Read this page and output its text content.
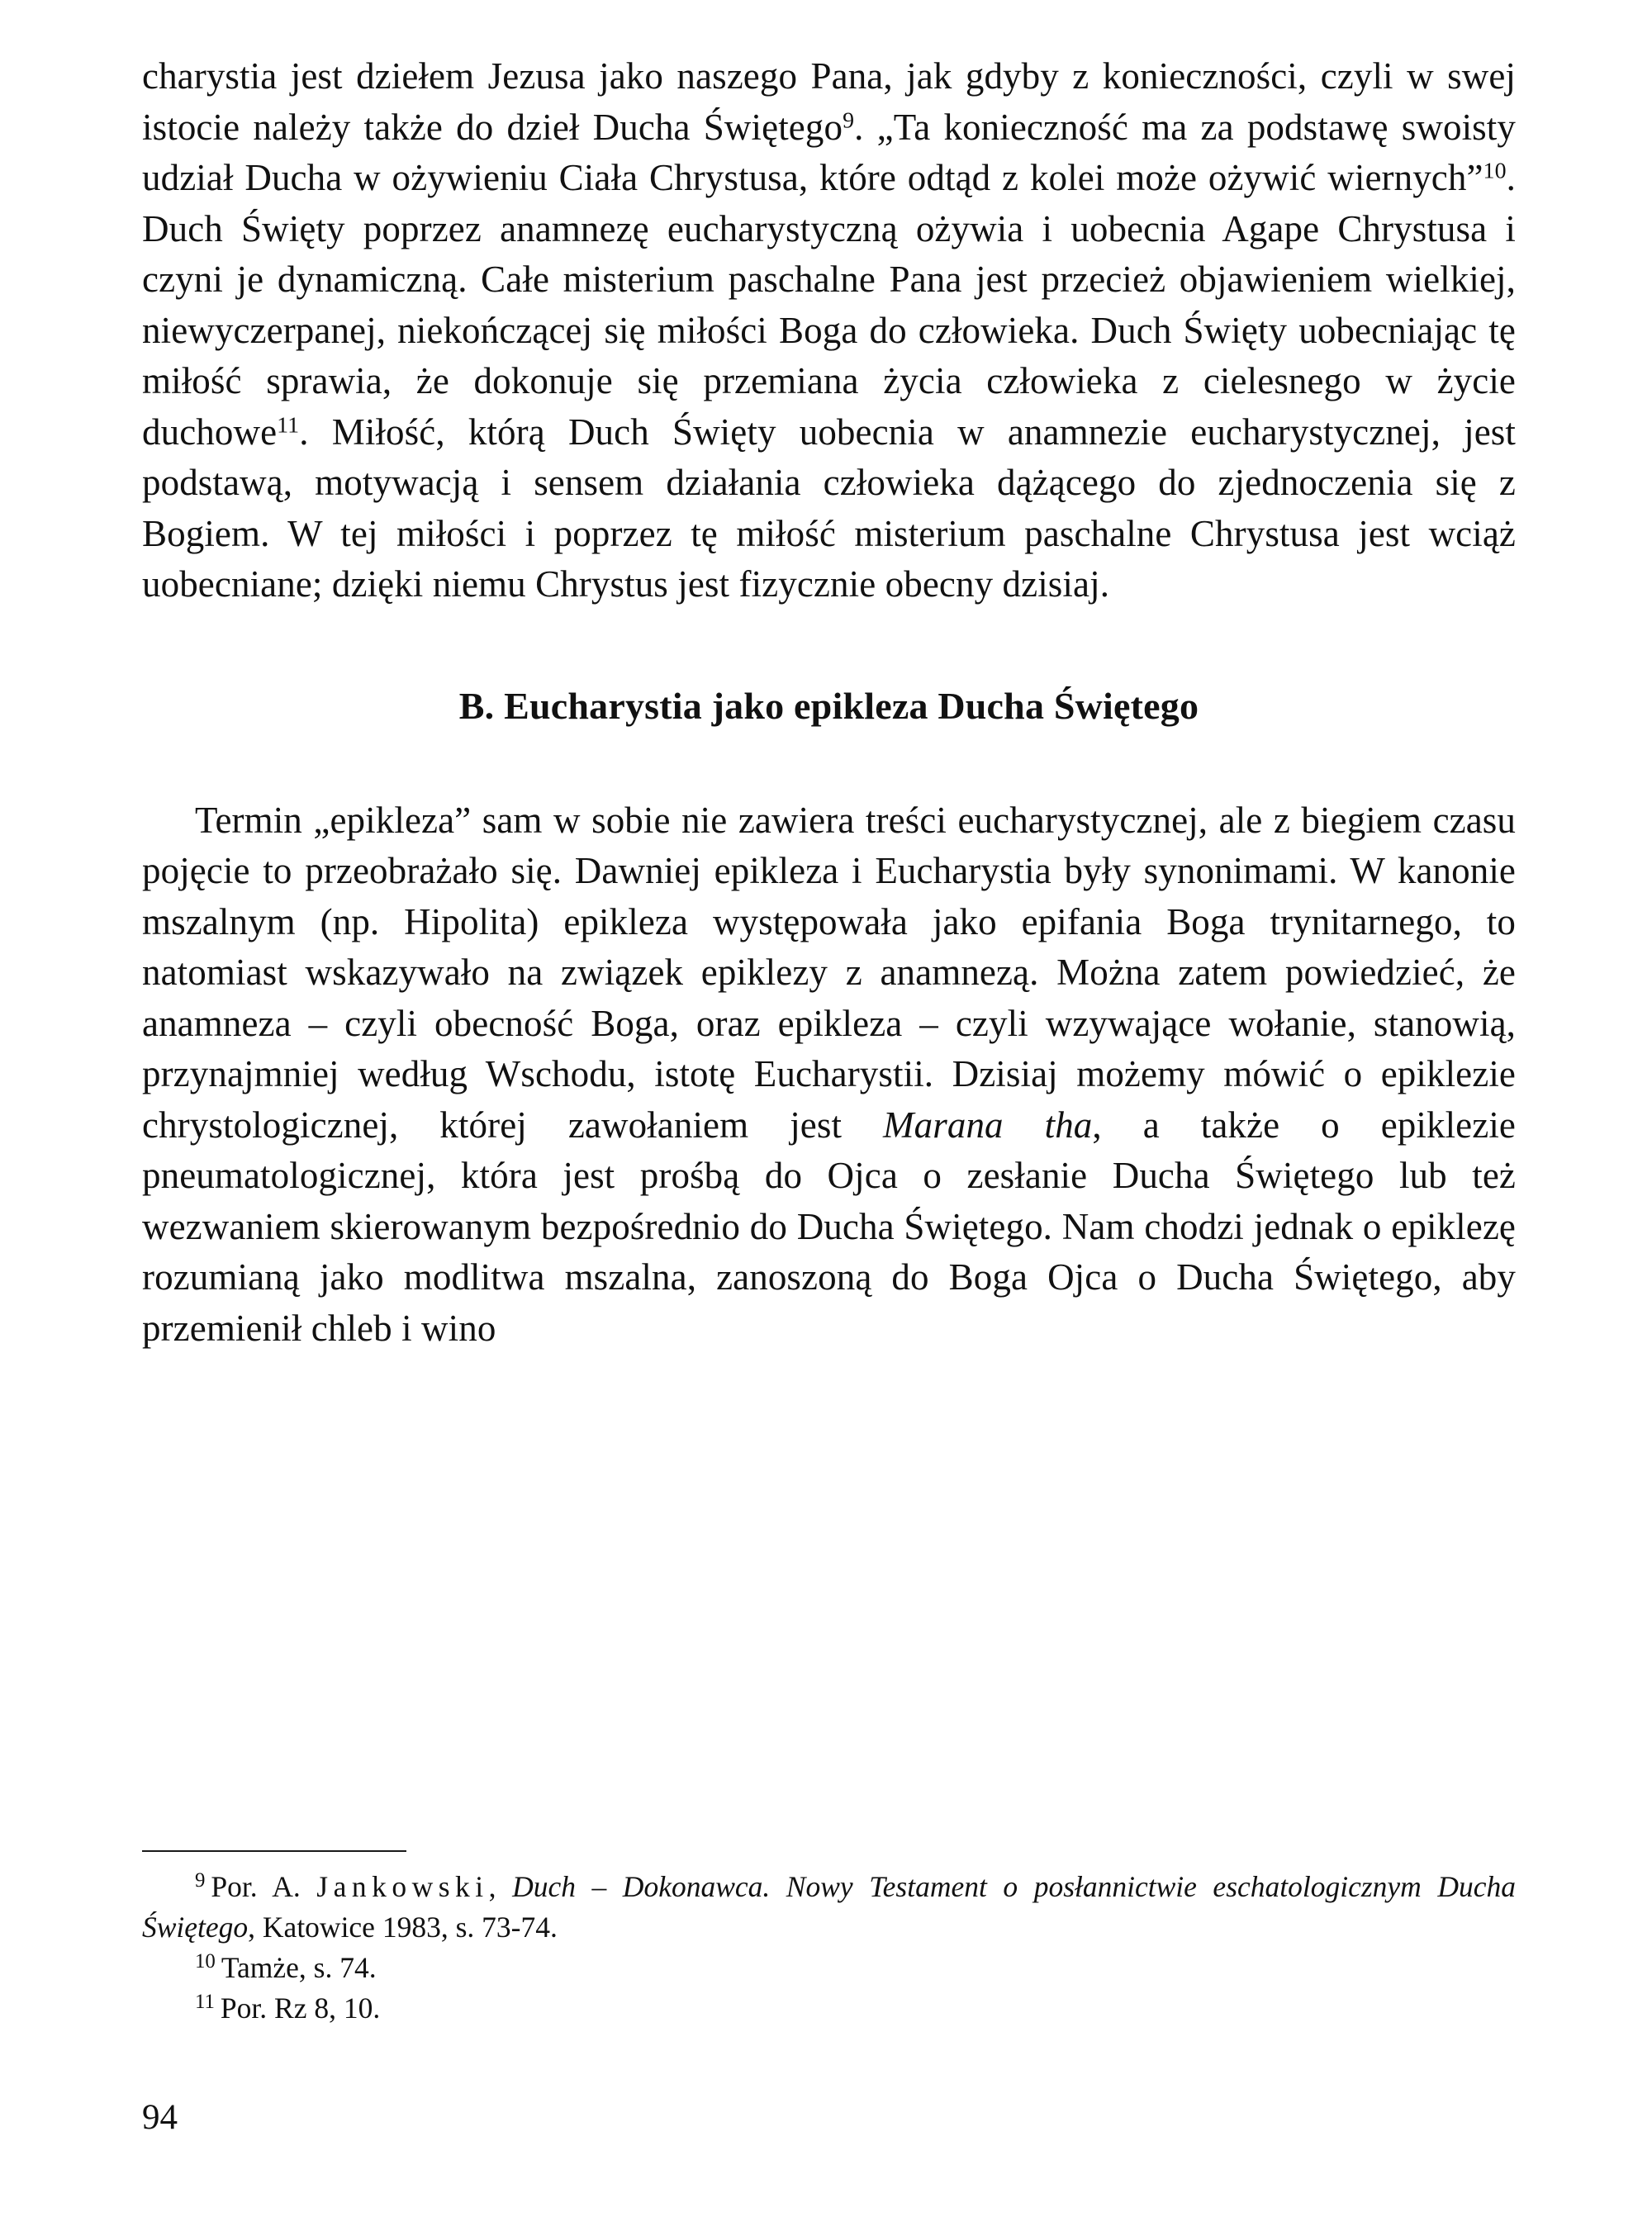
charystia jest dziełem Jezusa jako naszego Pana, jak gdyby z konieczności, czyli w swej istocie należy także do dzieł Ducha Świętego$^9$. „Ta konieczność ma za podstawę swoisty udział Ducha w ożywieniu Ciała Chrystusa, które odtąd z kolei może ożywić wiernych”$^{10}$. Duch Święty poprzez anamnezę eucharystyczną ożywia i uobecnia Agape Chrystusa i czyni je dynamiczną. Całe misterium paschalne Pana jest przecież objawieniem wielkiej, niewyczerpanej, niekończącej się miłości Boga do człowieka. Duch Święty uobecniając tę miłość sprawia, że dokonuje się przemiana życia człowieka z cielesnego w życie duchowe$^{11}$. Miłość, którą Duch Święty uobecnia w anamnezie eucharystycznej, jest podstawą, motywacją i sensem działania człowieka dążącego do zjednoczenia się z Bogiem. W tej miłości i poprzez tę miłość misterium paschalne Chrystusa jest wciąż uobecniane; dzięki niemu Chrystus jest fizycznie obecny dzisiaj.

B. Eucharystia jako epikleza Ducha Świętego

Termin „epikleza” sam w sobie nie zawiera treści eucharystycznej, ale z biegiem czasu pojęcie to przeobrażało się. Dawniej epikleza i Eucharystia były synonimami. W kanonie mszalnym (np. Hipolita) epikleza występowała jako epifania Boga trynitarnego, to natomiast wskazywało na związek epiklezy z anamnezą. Można zatem powiedzieć, że anamneza – czyli obecność Boga, oraz epikleza – czyli wzywające wołanie, stanowią, przynajmniej według Wschodu, istotę Eucharystii. Dzisiaj możemy mówić o epiklezie chrystologicznej, której zawołaniem jest Marana tha, a także o epiklezie pneumatologicznej, która jest prośbą do Ojca o zesłanie Ducha Świętego lub też wezwaniem skierowanym bezpośrednio do Ducha Świętego. Nam chodzi jednak o epiklezę rozumianą jako modlitwa mszalna, zanoszoną do Boga Ojca o Ducha Świętego, aby przemienił chleb i wino

$^9$ Por. A. Jankowski, Duch – Dokonawca. Nowy Testament o posłannictwie eschatologicznym Ducha Świętego, Katowice 1983, s. 73-74.

$^{10}$ Tamże, s. 74.

$^{11}$ Por. Rz 8, 10.

94
